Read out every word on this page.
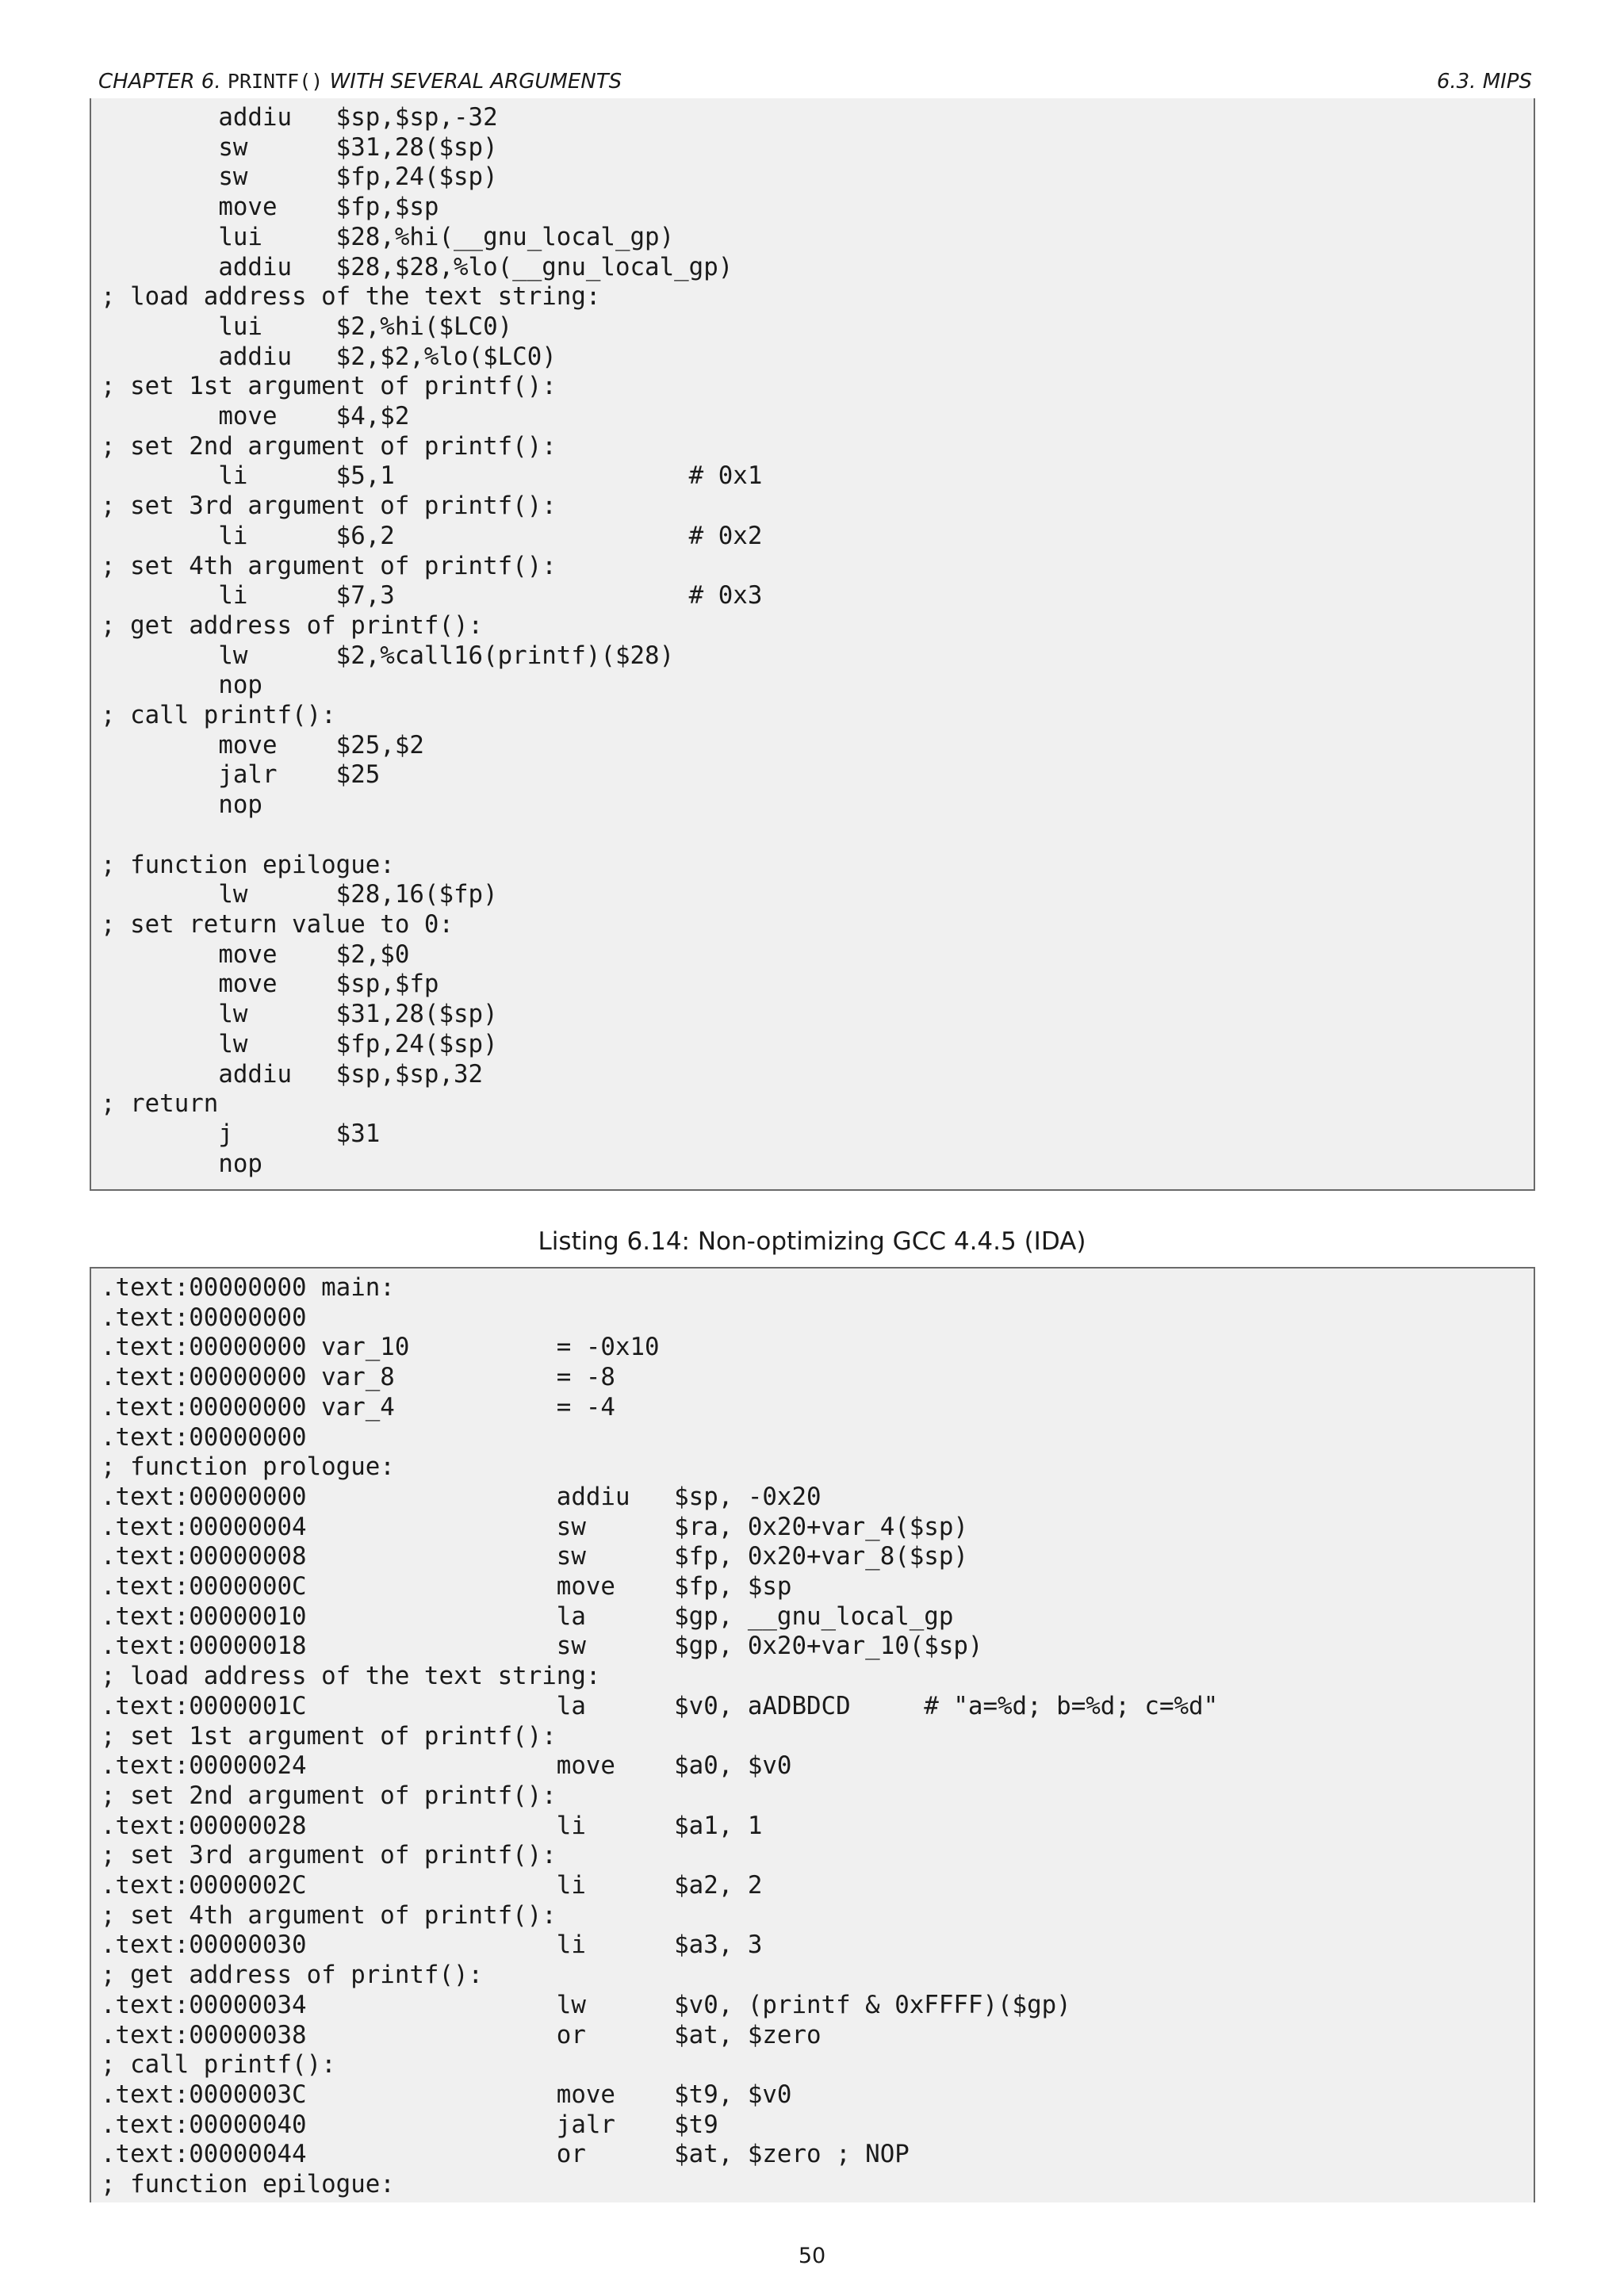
CHAPTER 6. PRINTF() WITH SEVERAL ARGUMENTS	6.3. MIPS
addiu   $sp,$sp,-32
sw      $31,28($sp)
sw      $fp,24($sp)
move    $fp,$sp
lui     $28,%hi(__gnu_local_gp)
addiu   $28,$28,%lo(__gnu_local_gp)
; load address of the text string:
lui     $2,%hi($LC0)
addiu   $2,$2,%lo($LC0)
; set 1st argument of printf():
move    $4,$2
; set 2nd argument of printf():
li      $5,1                    # 0x1
; set 3rd argument of printf():
li      $6,2                    # 0x2
; set 4th argument of printf():
li      $7,3                    # 0x3
; get address of printf():
lw      $2,%call16(printf)($28)
nop
; call printf():
move    $25,$2
jalr    $25
nop

; function epilogue:
lw      $28,16($fp)
; set return value to 0:
move    $2,$0
move    $sp,$fp
lw      $31,28($sp)
lw      $fp,24($sp)
addiu   $sp,$sp,32
; return
j       $31
nop
Listing 6.14: Non-optimizing GCC 4.4.5 (IDA)
.text:00000000 main:
.text:00000000
.text:00000000 var_10          = -0x10
.text:00000000 var_8           = -8
.text:00000000 var_4           = -4
.text:00000000
; function prologue:
.text:00000000                 addiu   $sp, -0x20
.text:00000004                 sw      $ra, 0x20+var_4($sp)
.text:00000008                 sw      $fp, 0x20+var_8($sp)
.text:0000000C                 move    $fp, $sp
.text:00000010                 la      $gp, __gnu_local_gp
.text:00000018                 sw      $gp, 0x20+var_10($sp)
; load address of the text string:
.text:0000001C                 la      $v0, aADBDCD     # "a=%d; b=%d; c=%d"
; set 1st argument of printf():
.text:00000024                 move    $a0, $v0
; set 2nd argument of printf():
.text:00000028                 li      $a1, 1
; set 3rd argument of printf():
.text:0000002C                 li      $a2, 2
; set 4th argument of printf():
.text:00000030                 li      $a3, 3
; get address of printf():
.text:00000034                 lw      $v0, (printf & 0xFFFF)($gp)
.text:00000038                 or      $at, $zero
; call printf():
.text:0000003C                 move    $t9, $v0
.text:00000040                 jalr    $t9
.text:00000044                 or      $at, $zero ; NOP
; function epilogue:
50
